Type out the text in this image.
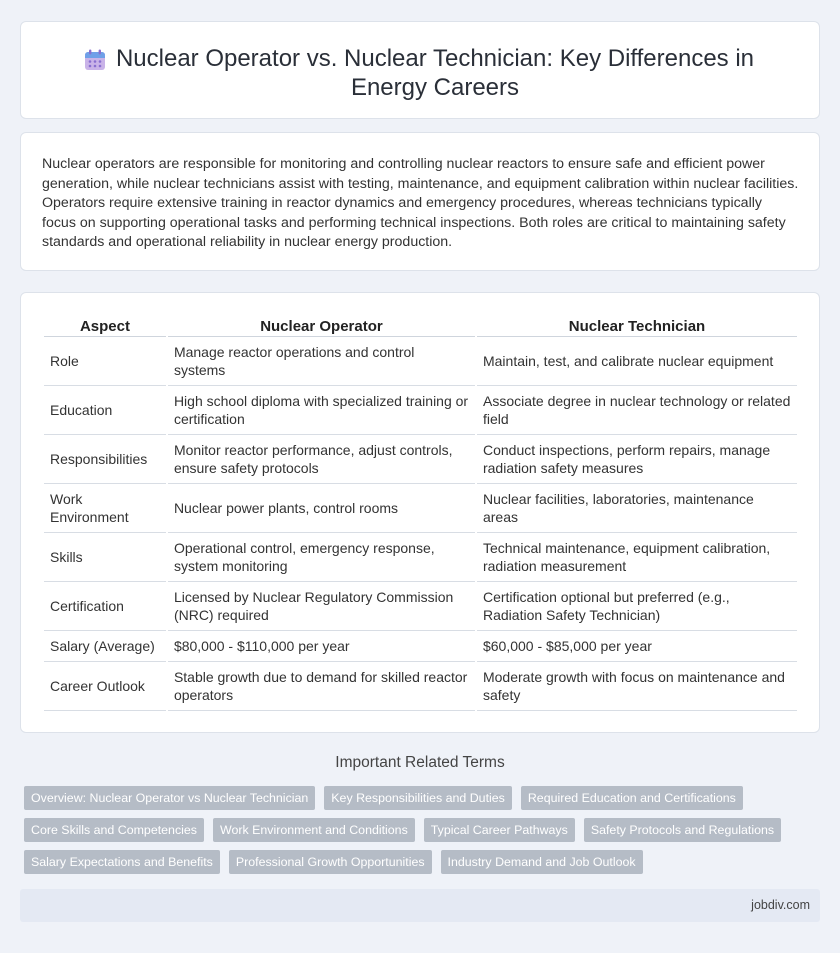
Nuclear Operator vs. Nuclear Technician: Key Differences in Energy Careers

Nuclear operators are responsible for monitoring and controlling nuclear reactors to ensure safe and efficient power generation, while nuclear technicians assist with testing, maintenance, and equipment calibration within nuclear facilities. Operators require extensive training in reactor dynamics and emergency procedures, whereas technicians typically focus on supporting operational tasks and performing technical inspections. Both roles are critical to maintaining safety standards and operational reliability in nuclear energy production.

Aspect	Nuclear Operator	Nuclear Technician
Role	Manage reactor operations and control systems	Maintain, test, and calibrate nuclear equipment
Education	High school diploma with specialized training or certification	Associate degree in nuclear technology or related field
Responsibilities	Monitor reactor performance, adjust controls, ensure safety protocols	Conduct inspections, perform repairs, manage radiation safety measures
Work Environment	Nuclear power plants, control rooms	Nuclear facilities, laboratories, maintenance areas
Skills	Operational control, emergency response, system monitoring	Technical maintenance, equipment calibration, radiation measurement
Certification	Licensed by Nuclear Regulatory Commission (NRC) required	Certification optional but preferred (e.g., Radiation Safety Technician)
Salary (Average)	$80,000 - $110,000 per year	$60,000 - $85,000 per year
Career Outlook	Stable growth due to demand for skilled reactor operators	Moderate growth with focus on maintenance and safety
Important Related Terms
Overview: Nuclear Operator vs Nuclear Technician	Key Responsibilities and Duties	Required Education and Certifications
Core Skills and Competencies	Work Environment and Conditions	Typical Career Pathways	Safety Protocols and Regulations
Salary Expectations and Benefits	Professional Growth Opportunities	Industry Demand and Job Outlook
jobdiv.com
